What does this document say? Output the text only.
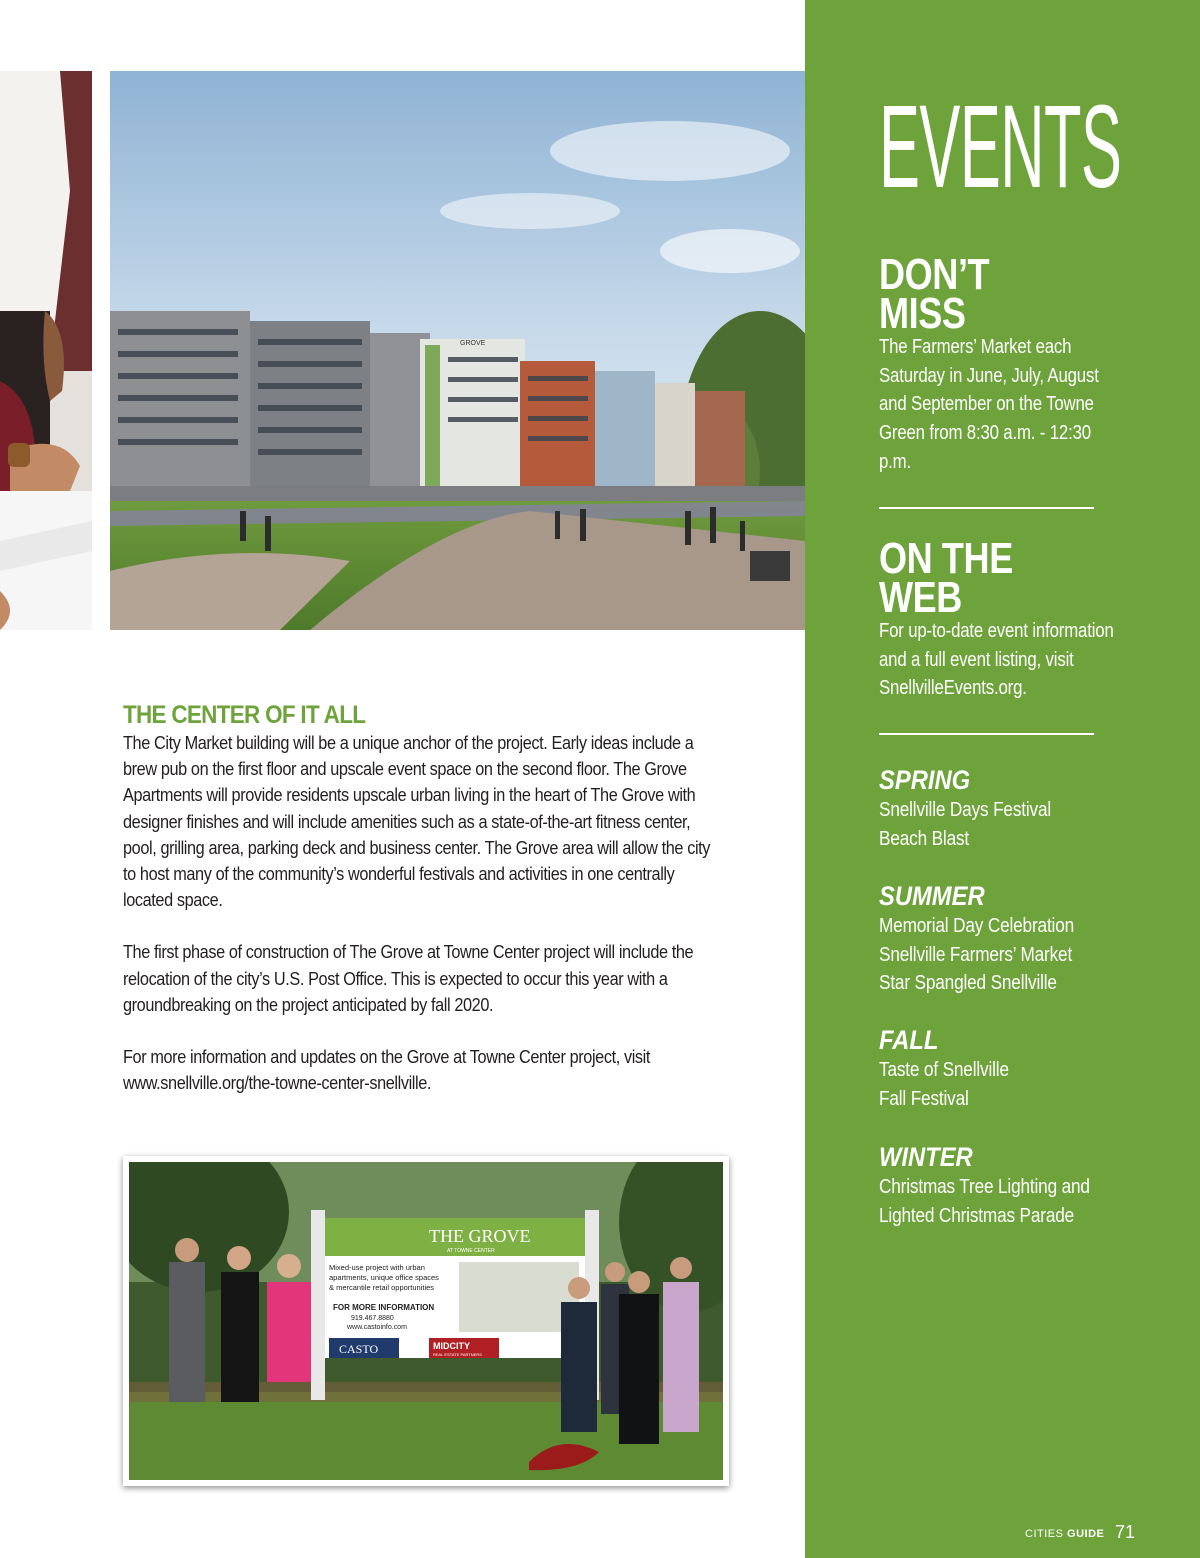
GROVE
THE CENTER OF IT ALL

The City Market building will be a unique anchor of the project. Early ideas include a brew pub on the first floor and upscale event space on the second floor. The Grove Apartments will provide residents upscale urban living in the heart of The Grove with designer finishes and will include amenities such as a state-of-the-art fitness center, pool, grilling area, parking deck and business center. The Grove area will allow the city to host many of the community’s wonderful festivals and activities in one centrally located space.

The first phase of construction of The Grove at Towne Center project will include the relocation of the city’s U.S. Post Office. This is expected to occur this year with a groundbreaking on the project anticipated by fall 2020.

For more information and updates on the Grove at Towne Center project, visit www.snellville.org/the-towne-center-snellville.

THE GROVE
AT TOWNE CENTER
Mixed-use project with urban
apartments, unique office spaces
& mercantile retail opportunities
FOR MORE INFORMATION
919.467.8880
www.castoinfo.com
CASTO	MIDCITY
REAL ESTATE PARTNERS
EVENTS
DON’T
MISS
The Farmers’ Market each
Saturday in June, July, August
and September on the Towne
Green from 8:30 a.m. - 12:30
p.m.
ON THE
WEB
For up-to-date event information
and a full event listing, visit
SnellvilleEvents.org.
SPRING
Snellville Days Festival
Beach Blast
SUMMER
Memorial Day Celebration
Snellville Farmers’ Market
Star Spangled Snellville
FALL
Taste of Snellville
Fall Festival
WINTER
Christmas Tree Lighting and
Lighted Christmas Parade
CITIES GUIDE 71
